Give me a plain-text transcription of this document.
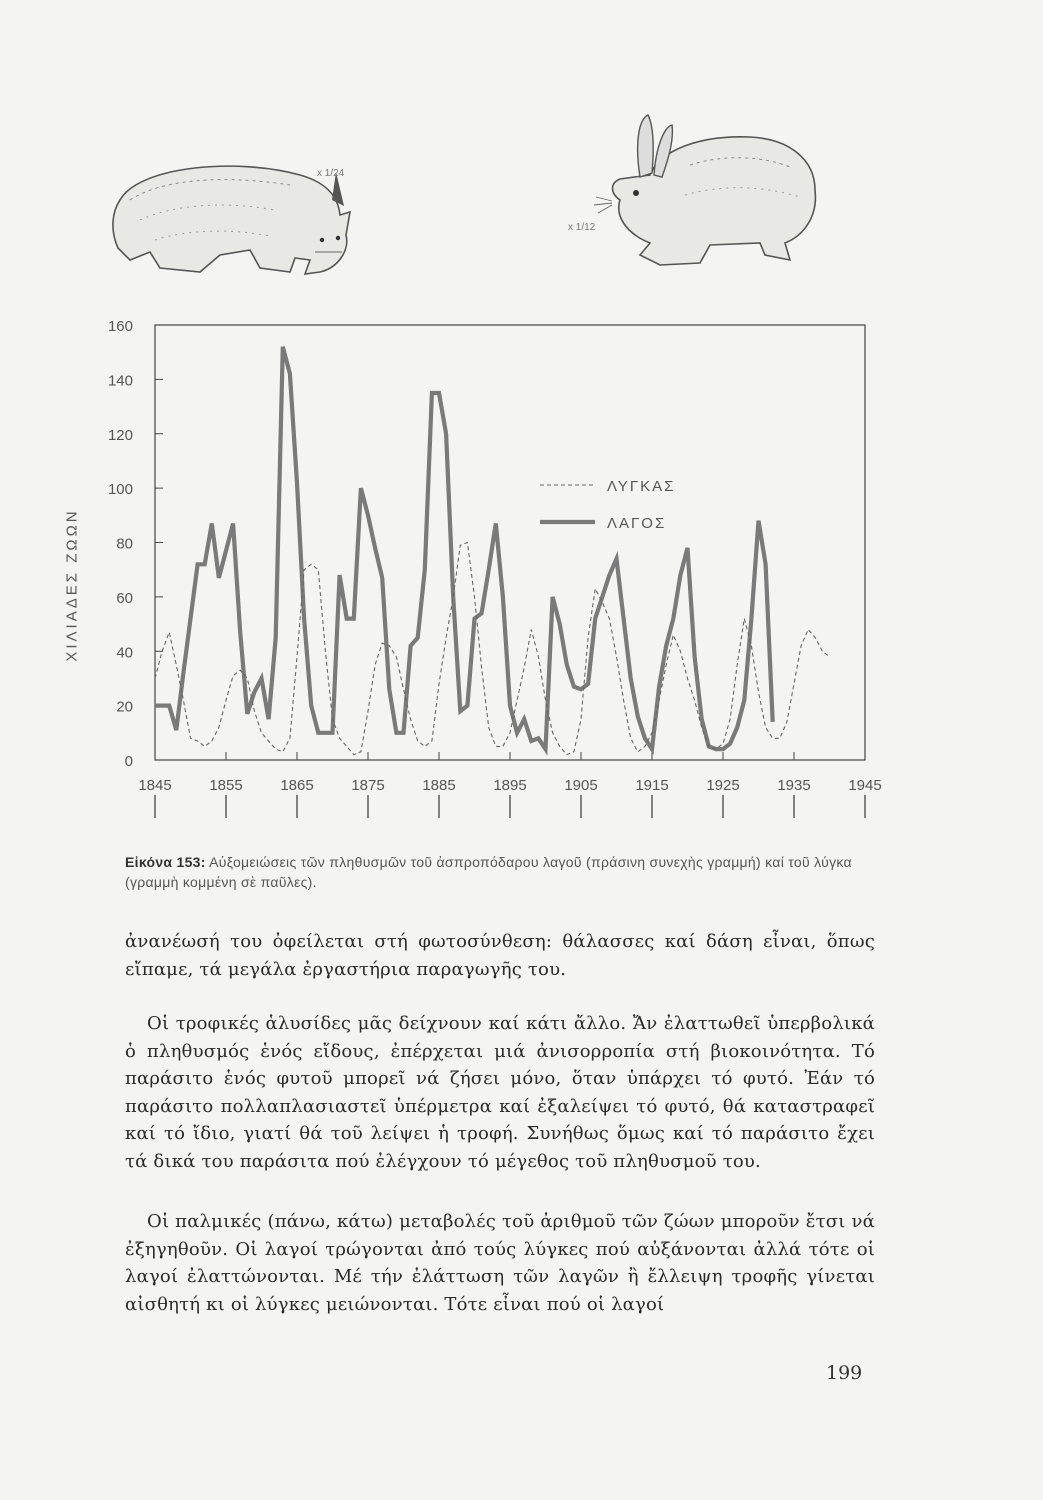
ΧΙΛΙΑΔΕΣ ΖΩΩΝ
x 1/24
x 1/12
0
20
40
60
80
100
120
140
160
1845	1855	1865	1875	1885	1895	1905	1915	1925	1935	1945
ΛΥΓΚΑΣ
ΛΑΓΟΣ
Εἰκόνα 153: Αὐξομειώσεις τῶν πληθυσμῶν τοῦ ἀσπροπόδαρου λαγοῦ (πράσινη συνεχὴς γραμμή) καί τοῦ λύγκα (γραμμὴ κομμένη σὲ παῦλες).

ἀνανέωσή του ὀφείλεται στή φωτοσύνθεση: θάλασσες καί δάση εἶναι, ὅπως εἴπαμε, τά μεγάλα ἐργαστήρια παραγωγῆς του.

Οἱ τροφικές ἁλυσίδες μᾶς δείχνουν καί κάτι ἄλλο. Ἄν ἐλαττωθεῖ ὑπερβολικά ὁ πληθυσμός ἑνός εἴδους, ἐπέρχεται μιά ἀνισορροπία στή βιοκοινότητα. Τό παράσιτο ἑνός φυτοῦ μπορεῖ νά ζήσει μόνο, ὅταν ὑπάρχει τό φυτό. Ἐάν τό παράσιτο πολλαπλασιαστεῖ ὑπέρμετρα καί ἐξαλείψει τό φυτό, θά καταστραφεῖ καί τό ἴδιο, γιατί θά τοῦ λείψει ἡ τροφή. Συνήθως ὅμως καί τό παράσιτο ἔχει τά δικά του παράσιτα πού ἐλέγχουν τό μέγεθος τοῦ πληθυσμοῦ του.

Οἱ παλμικές (πάνω, κάτω) μεταβολές τοῦ ἀριθμοῦ τῶν ζώων μποροῦν ἔτσι νά ἐξηγηθοῦν. Οἱ λαγοί τρώγονται ἀπό τούς λύγκες πού αὐξάνονται ἀλλά τότε οἱ λαγοί ἐλαττώνονται. Μέ τήν ἐλάττωση τῶν λαγῶν ἢ ἔλλειψη τροφῆς γίνεται αἰσθητή κι οἱ λύγκες μειώνονται. Τότε εἶναι πού οἱ λαγοί

199
